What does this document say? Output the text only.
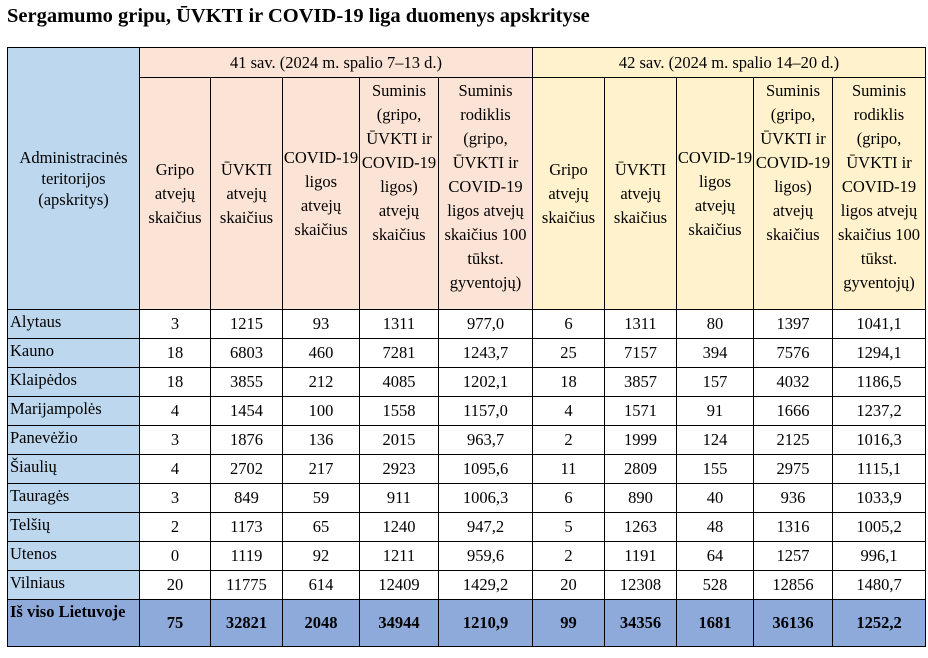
Sergamumo gripu, ŪVKTI ir COVID-19 liga duomenys apskrityse
Administracinės teritorijos (apskritys)	41 sav. (2024 m. spalio 7–13 d.)					42 sav. (2024 m. spalio 14–20 d.)				
	Gripo atvejų skaičius	ŪVKTI atvejų skaičius	COVID-19 ligos atvejų skaičius	Suminis (gripo, ŪVKTI ir COVID-19 ligos) atvejų skaičius	Suminis rodiklis (gripo, ŪVKTI ir COVID-19 ligos atvejų skaičius 100 tūkst. gyventojų)	Gripo atvejų skaičius	ŪVKTI atvejų skaičius	COVID-19 ligos atvejų skaičius	Suminis (gripo, ŪVKTI ir COVID-19 ligos) atvejų skaičius	Suminis rodiklis (gripo, ŪVKTI ir COVID-19 ligos atvejų skaičius 100 tūkst. gyventojų)
Alytaus	3	1215	93	1311	977,0	6	1311	80	1397	1041,1
Kauno	18	6803	460	7281	1243,7	25	7157	394	7576	1294,1
Klaipėdos	18	3855	212	4085	1202,1	18	3857	157	4032	1186,5
Marijampolės	4	1454	100	1558	1157,0	4	1571	91	1666	1237,2
Panevėžio	3	1876	136	2015	963,7	2	1999	124	2125	1016,3
Šiaulių	4	2702	217	2923	1095,6	11	2809	155	2975	1115,1
Tauragės	3	849	59	911	1006,3	6	890	40	936	1033,9
Telšių	2	1173	65	1240	947,2	5	1263	48	1316	1005,2
Utenos	0	1119	92	1211	959,6	2	1191	64	1257	996,1
Vilniaus	20	11775	614	12409	1429,2	20	12308	528	12856	1480,7
Iš viso Lietuvoje	75	32821	2048	34944	1210,9	99	34356	1681	36136	1252,2
